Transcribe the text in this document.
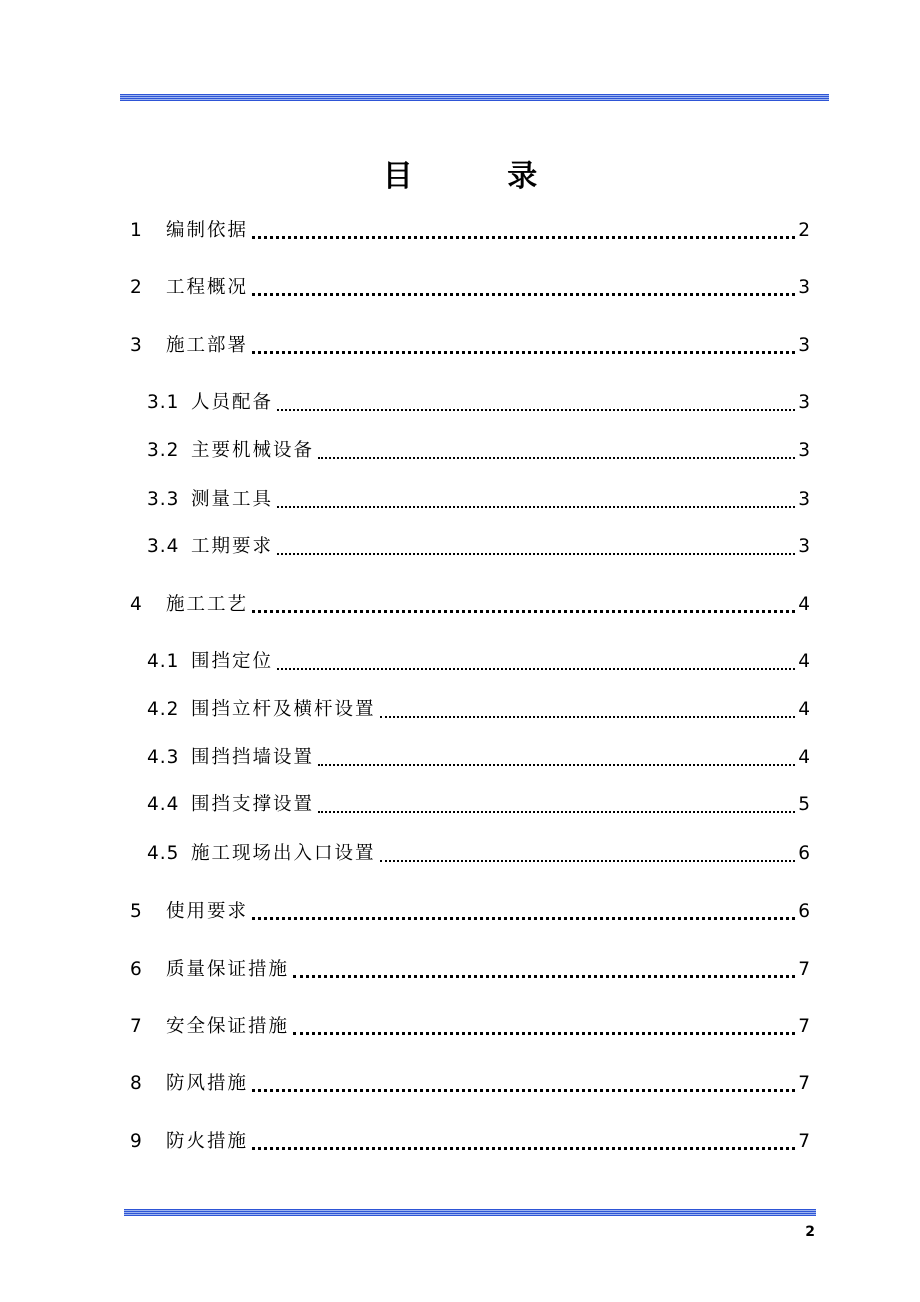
目 录
1	编制依据	2
2	工程概况	3
3	施工部署	3
3.1 人员配备	3
3.2 主要机械设备	3
3.3 测量工具	3
3.4 工期要求	3
4	施工工艺	4
4.1 围挡定位	4
4.2 围挡立杆及横杆设置	4
4.3 围挡挡墙设置	4
4.4 围挡支撑设置	5
4.5 施工现场出入口设置	6
5	使用要求	6
6	质量保证措施	7
7	安全保证措施	7
8	防风措施	7
9	防火措施	7
2
